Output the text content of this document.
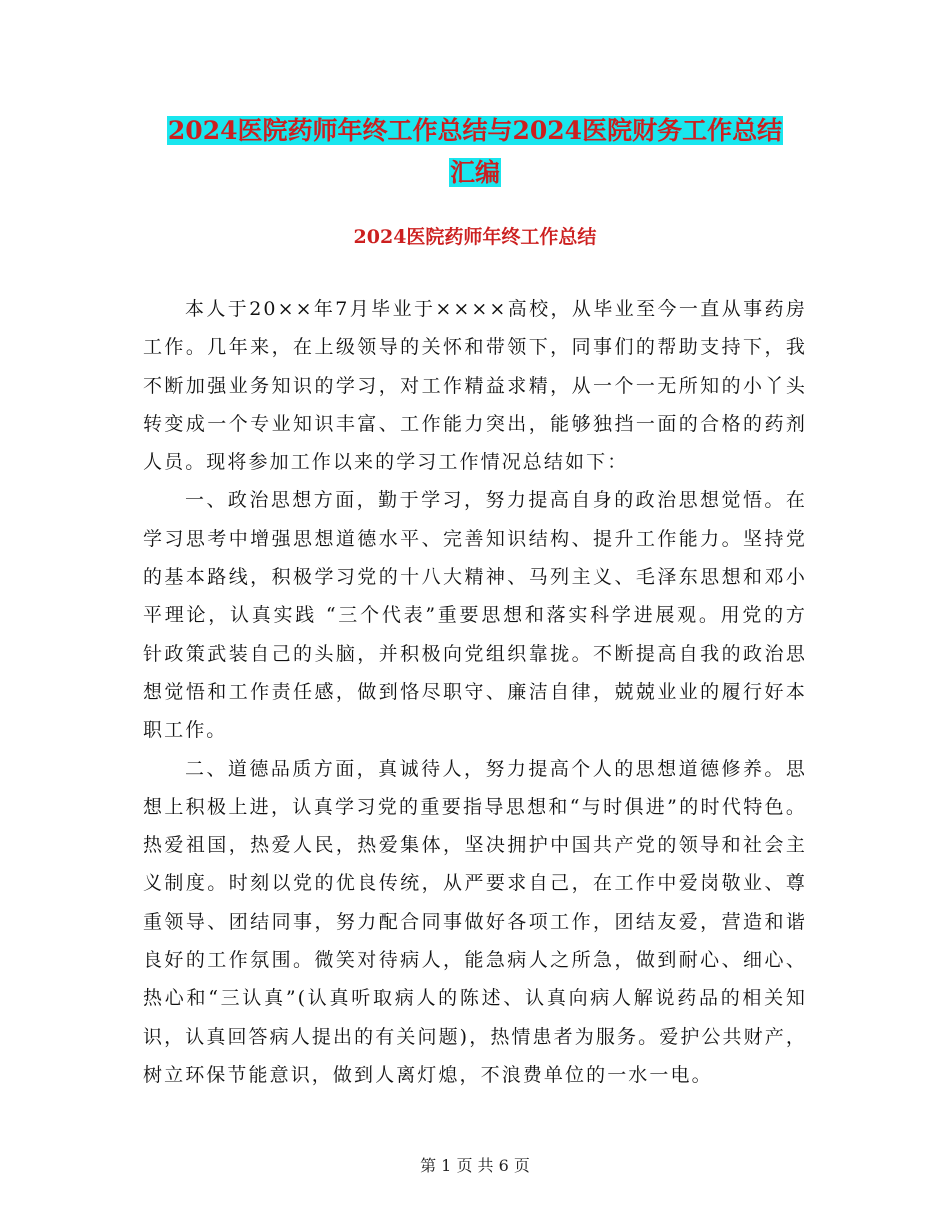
2024医院药师年终工作总结与2024医院财务工作总结
汇编
2024医院药师年终工作总结

本人于20××年7月毕业于××××高校，从毕业至今一直从事药房工作。几年来，在上级领导的关怀和带领下，同事们的帮助支持下，我不断加强业务知识的学习，对工作精益求精，从一个一无所知的小丫头转变成一个专业知识丰富、工作能力突出，能够独挡一面的合格的药剂人员。现将参加工作以来的学习工作情况总结如下：

一、政治思想方面，勤于学习，努力提高自身的政治思想觉悟。在学习思考中增强思想道德水平、完善知识结构、提升工作能力。坚持党的基本路线，积极学习党的十八大精神、马列主义、毛泽东思想和邓小平理论，认真实践 “三个代表”重要思想和落实科学进展观。用党的方针政策武装自己的头脑，并积极向党组织靠拢。不断提高自我的政治思想觉悟和工作责任感，做到恪尽职守、廉洁自律，兢兢业业的履行好本职工作。

二、道德品质方面，真诚待人，努力提高个人的思想道德修养。思想上积极上进，认真学习党的重要指导思想和“与时俱进”的时代特色。热爱祖国，热爱人民，热爱集体，坚决拥护中国共产党的领导和社会主义制度。时刻以党的优良传统，从严要求自己，在工作中爱岗敬业、尊重领导、团结同事，努力配合同事做好各项工作，团结友爱，营造和谐良好的工作氛围。微笑对待病人，能急病人之所急，做到耐心、细心、热心和“三认真”(认真听取病人的陈述、认真向病人解说药品的相关知识，认真回答病人提出的有关问题)，热情患者为服务。爱护公共财产，树立环保节能意识，做到人离灯熄，不浪费单位的一水一电。

第 1 页 共 6 页
